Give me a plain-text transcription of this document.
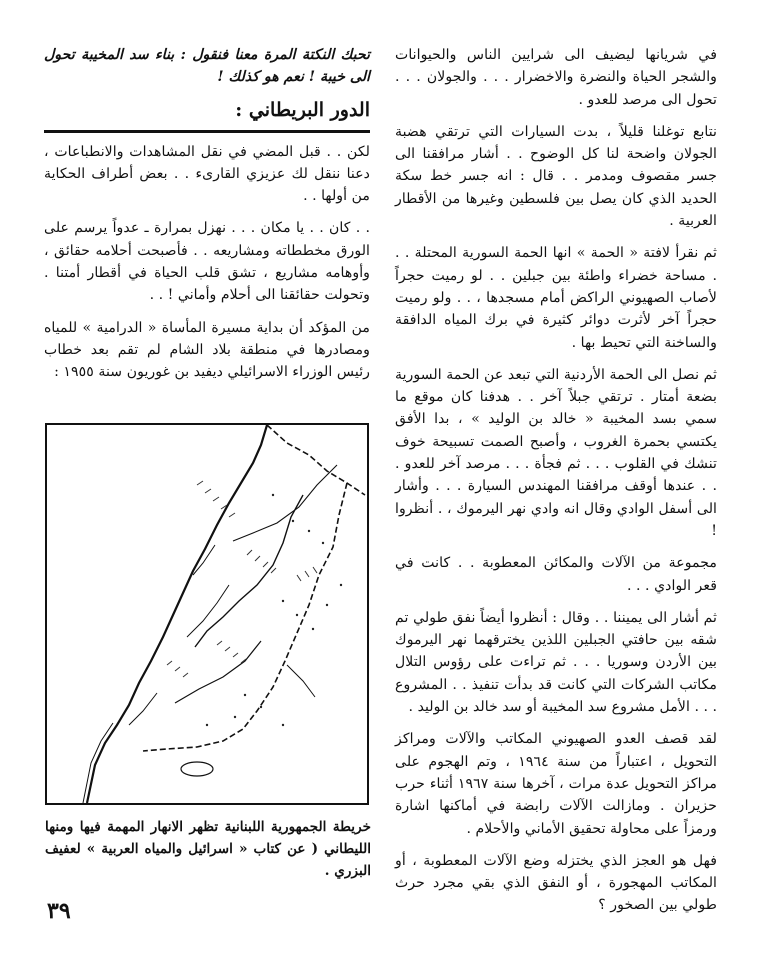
في شريانها ليضيف الى شرايين الناس والحيوانات والشجر الحياة والنضرة والاخضرار . . . والجولان . . . تحول الى مرصد للعدو .

نتابع توغلنا قليلاً ، بدت السيارات التي ترتقي هضبة الجولان واضحة لنا كل الوضوح . . أشار مرافقنا الى جسر مقصوف ومدمر . . قال : انه جسر خط سكة الحديد الذي كان يصل بين فلسطين وغيرها من الأقطار العربية .

ثم نقرأ لافتة « الحمة » انها الحمة السورية المحتلة . . . مساحة خضراء واطئة بين جبلين . . لو رميت حجراً لأصاب الصهيوني الراكض أمام مسجدها ، . . ولو رميت حجراً آخر لأثرت دوائر كثيرة في برك المياه الدافقة والساخنة التي تحيط بها .

ثم نصل الى الحمة الأردنية التي تبعد عن الحمة السورية بضعة أمتار . ترتقي جبلاً آخر . . هدفنا كان موقع ما سمي بسد المخيبة « خالد بن الوليد » ، بدا الأفق يكتسي بحمرة الغروب ، وأصبح الصمت تسبيحة خوف تنشك في القلوب . . . ثم فجأة . . . مرصد آخر للعدو . . . عندها أوقف مرافقنا المهندس السيارة . . . وأشار الى أسفل الوادي وقال انه وادي نهر اليرموك ، . أنظروا !

مجموعة من الآلات والمكائن المعطوبة . . كانت في قعر الوادي . . .

ثم أشار الى يميننا . . وقال : أنظروا أيضاً نفق طولي تم شقه بين حافتي الجبلين اللذين يخترقهما نهر اليرموك بين الأردن وسوريا . . . ثم تراءت على رؤوس التلال مكاتب الشركات التي كانت قد بدأت تنفيذ . . المشروع . . . الأمل مشروع سد المخيبة أو سد خالد بن الوليد .

لقد قصف العدو الصهيوني المكاتب والآلات ومراكز التحويل ، اعتباراً من سنة ١٩٦٤ ، وتم الهجوم على مراكز التحويل عدة مرات ، آخرها سنة ١٩٦٧ أثناء حرب حزيران . ومازالت الآلات رابضة في أماكنها اشارة ورمزاً على محاولة تحقيق الأماني والأحلام .

فهل هو العجز الذي يختزله وضع الآلات المعطوبة ، أو المكاتب المهجورة ، أو النفق الذي بقي مجرد حرث طولي بين الصخور ؟

تحبك النكتة المرة معنا فنقول : بناء سد المخيبة تحول الى خيبة ! نعم هو كذلك !

الدور البريطاني :

لكن . . قبل المضي في نقل المشاهدات والانطباعات ، دعنا ننقل لك عزيزي القارىء . . بعض أطراف الحكاية من أولها . .

. . كان . . يا مكان . . . نهزل بمرارة ـ عدواً يرسم على الورق مخططاته ومشاريعه . . فأصبحت أحلامه حقائق ، وأوهامه مشاريع ، تشق قلب الحياة في أقطار أمتنا . وتحولت حقائقنا الى أحلام وأماني ! . .

من المؤكد أن بداية مسيرة المأساة « الدرامية » للمياه ومصادرها في منطقة بلاد الشام لم تقم بعد خطاب رئيس الوزراء الاسرائيلي ديفيد بن غوريون سنة ١٩٥٥ :

خريطة الجمهورية اللبنانية تظهر الانهار المهمة فيها ومنها الليطاني ( عن كتاب « اسرائيل والمياه العربية » لعفيف البزري .
٣٩
